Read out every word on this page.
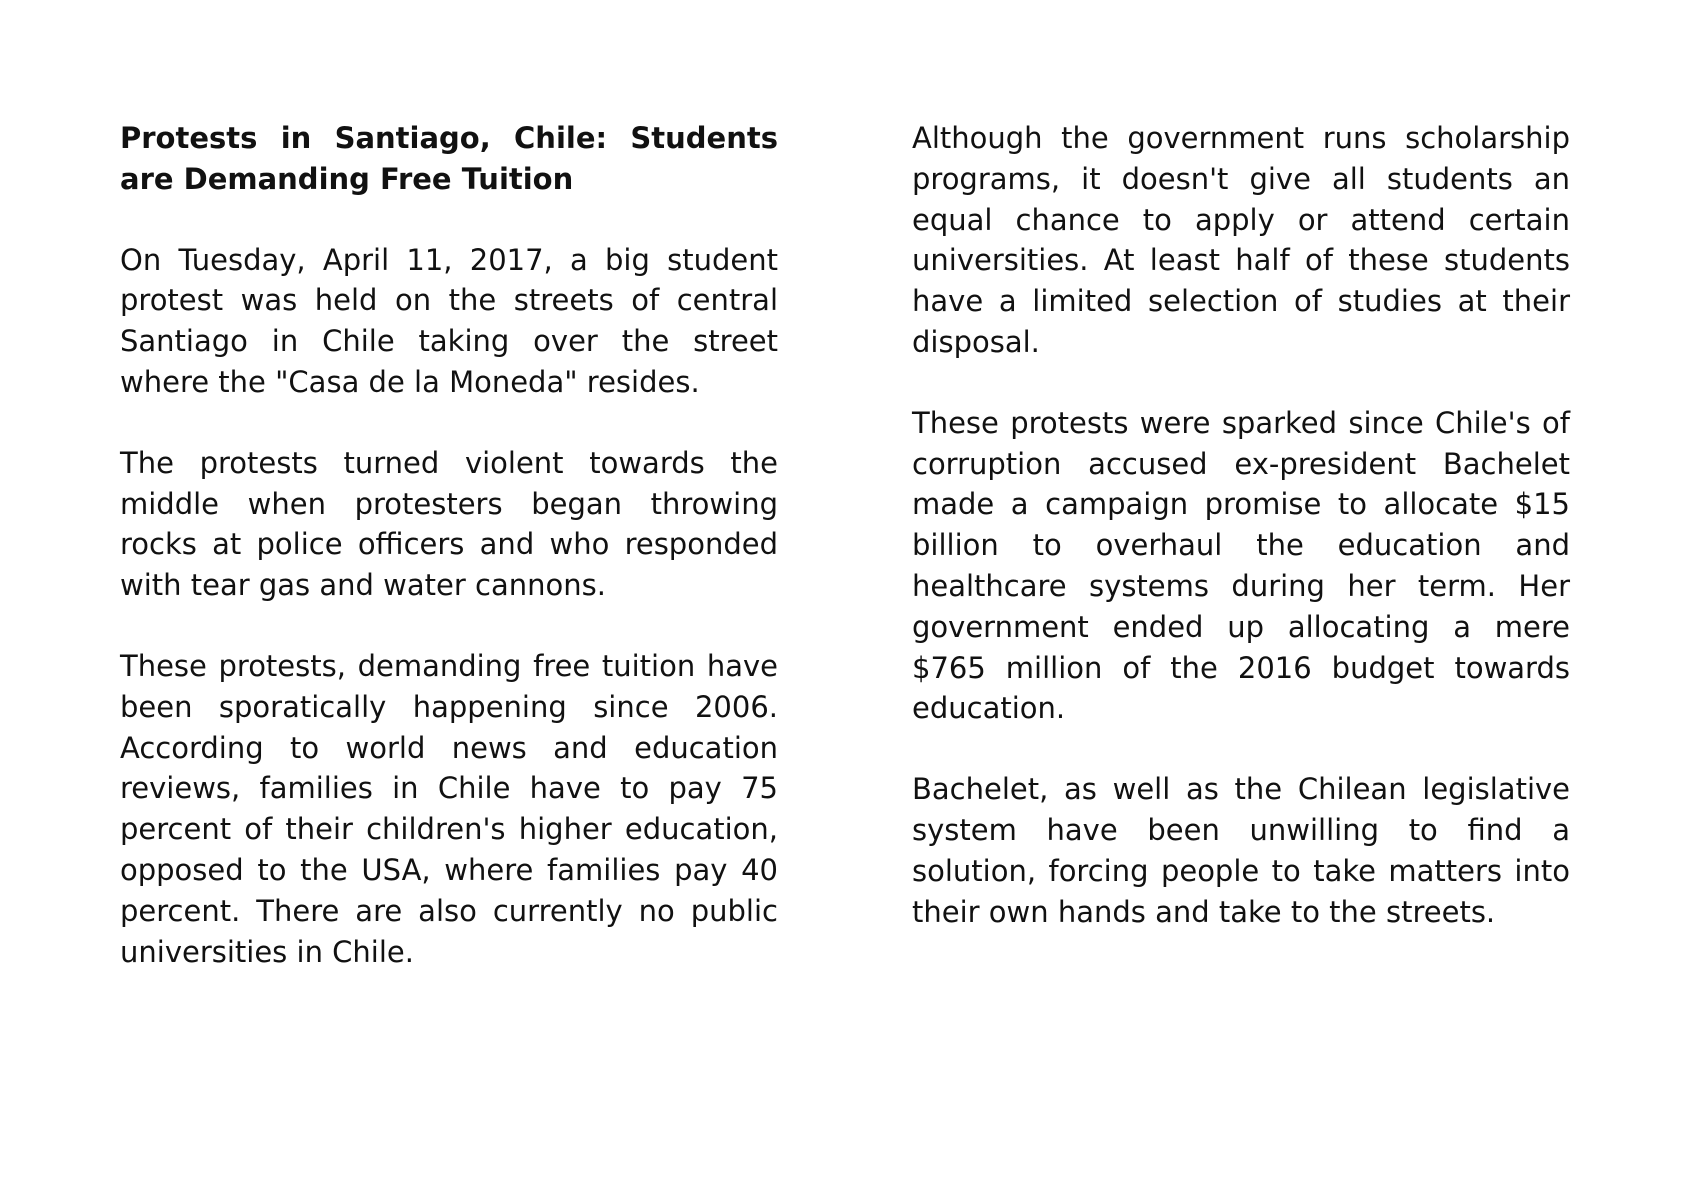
Protests in Santiago, Chile: Students are Demanding Free Tuition

On Tuesday, April 11, 2017, a big student protest was held on the streets of central Santiago in Chile taking over the street where the "Casa de la Moneda" resides.

The protests turned violent towards the middle when protesters began throwing rocks at police officers and who responded with tear gas and water cannons.

These protests, demanding free tuition have been sporatically happening since 2006. According to world news and education reviews, families in Chile have to pay 75 percent of their children's higher education, opposed to the USA, where families pay 40 percent. There are also currently no public universities in Chile.

Although the government runs scholarship programs, it doesn't give all students an equal chance to apply or attend certain universities. At least half of these students have a limited selection of studies at their disposal.

These protests were sparked since Chile's of corruption accused ex-president Bachelet made a campaign promise to allocate $15 billion to overhaul the education and healthcare systems during her term. Her government ended up allocating a mere $765 million of the 2016 budget towards education.

Bachelet, as well as the Chilean legislative system have been unwilling to find a solution, forcing people to take matters into their own hands and take to the streets.
